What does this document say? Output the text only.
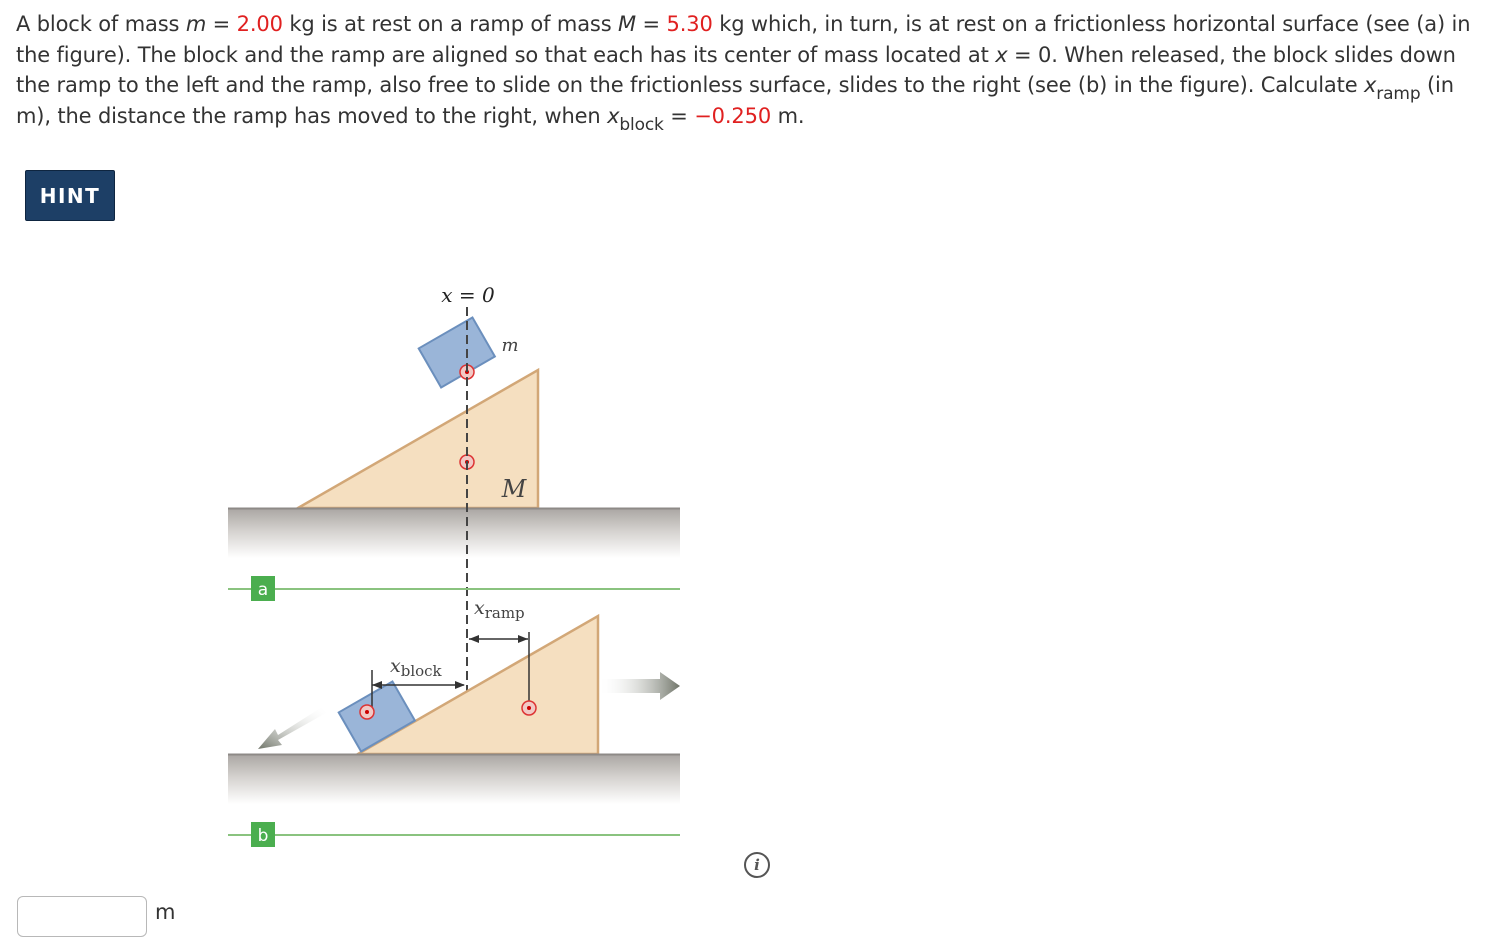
A block of mass m = 2.00 kg is at rest on a ramp of mass M = 5.30 kg which, in turn, is at rest on a frictionless horizontal surface (see (a) in the figure). The block and the ramp are aligned so that each has its center of mass located at x = 0. When released, the block slides down the ramp to the left and the ramp, also free to slide on the frictionless surface, slides to the right (see (b) in the figure). Calculate $x_{ramp}$ (in m), the distance the ramp has moved to the right, when $x_{block} = -0.250$ m.
HINT
x = 0
m
M
a
$x_{block}$
$x_{ramp}$
b
i
m
